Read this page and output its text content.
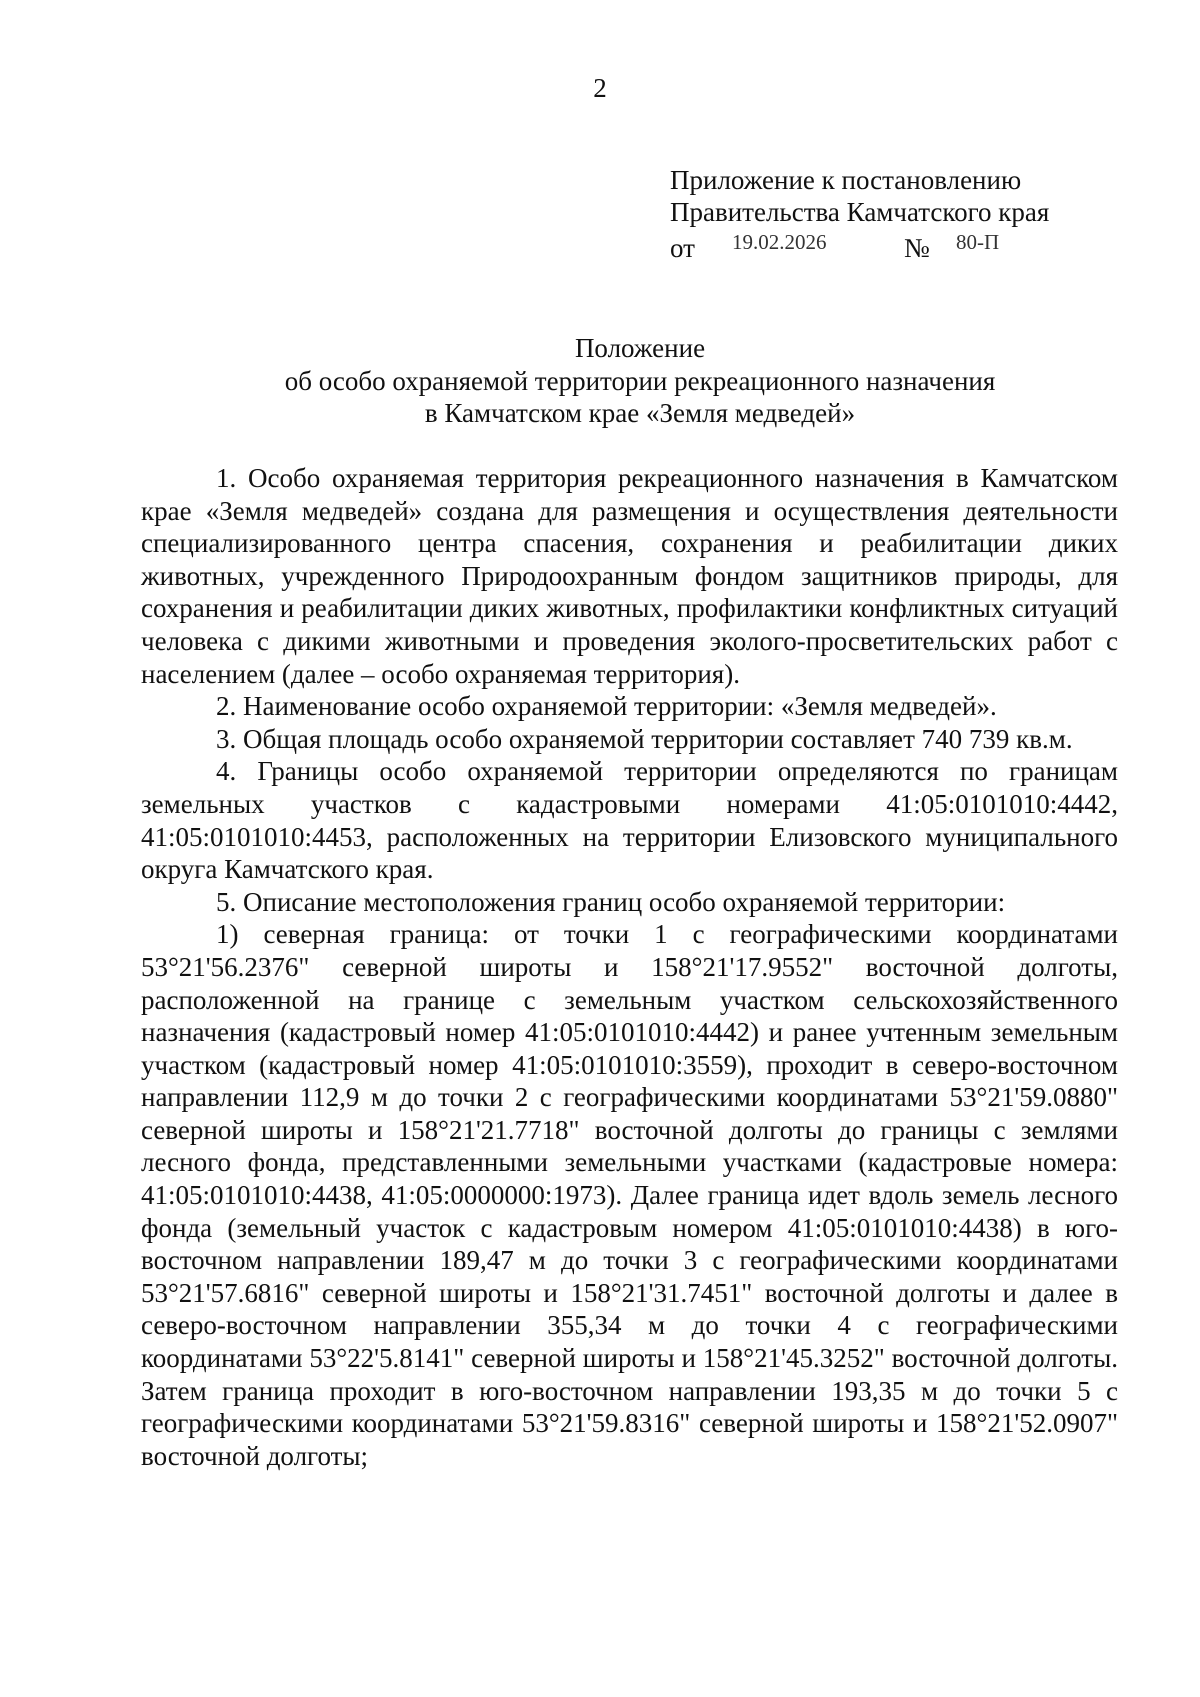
2
Приложение к постановлению
Правительства Камчатского края
от 19.02.2026	№ 80-П
Положение
об особо охраняемой территории рекреационного назначения
в Камчатском крае «Земля медведей»

1. Особо охраняемая территория рекреационного назначения в Камчатском крае «Земля медведей» создана для размещения и осуществления деятельности специализированного центра спасения, сохранения и реабилитации диких животных, учрежденного Природоохранным фондом защитников природы, для сохранения и реабилитации диких животных, профилактики конфликтных ситуаций человека с дикими животными и проведения эколого-просветительских работ с населением (далее – особо охраняемая территория).

2. Наименование особо охраняемой территории: «Земля медведей».

3. Общая площадь особо охраняемой территории составляет 740 739 кв.м.

4. Границы особо охраняемой территории определяются по границам земельных участков с кадастровыми номерами 41:05:0101010:4442, 41:05:0101010:4453, расположенных на территории Елизовского муниципального округа Камчатского края.

5. Описание местоположения границ особо охраняемой территории:

1) северная граница: от точки 1 с географическими координатами 53°21'56.2376" северной широты и 158°21'17.9552" восточной долготы, расположенной на границе с земельным участком сельскохозяйственного назначения (кадастровый номер 41:05:0101010:4442) и ранее учтенным земельным участком (кадастровый номер 41:05:0101010:3559), проходит в северо-восточном направлении 112,9 м до точки 2 с географическими координатами 53°21'59.0880" северной широты и 158°21'21.7718" восточной долготы до границы с землями лесного фонда, представленными земельными участками (кадастровые номера: 41:05:0101010:4438, 41:05:0000000:1973). Далее граница идет вдоль земель лесного фонда (земельный участок с кадастровым номером 41:05:0101010:4438) в юго-восточном направлении 189,47 м до точки 3 с географическими координатами 53°21'57.6816" северной широты и 158°21'31.7451" восточной долготы и далее в северо-восточном направлении 355,34 м до точки 4 с географическими координатами 53°22'5.8141" северной широты и 158°21'45.3252" восточной долготы. Затем граница проходит в юго-восточном направлении 193,35 м до точки 5 с географическими координатами 53°21'59.8316" северной широты и 158°21'52.0907" восточной долготы;
